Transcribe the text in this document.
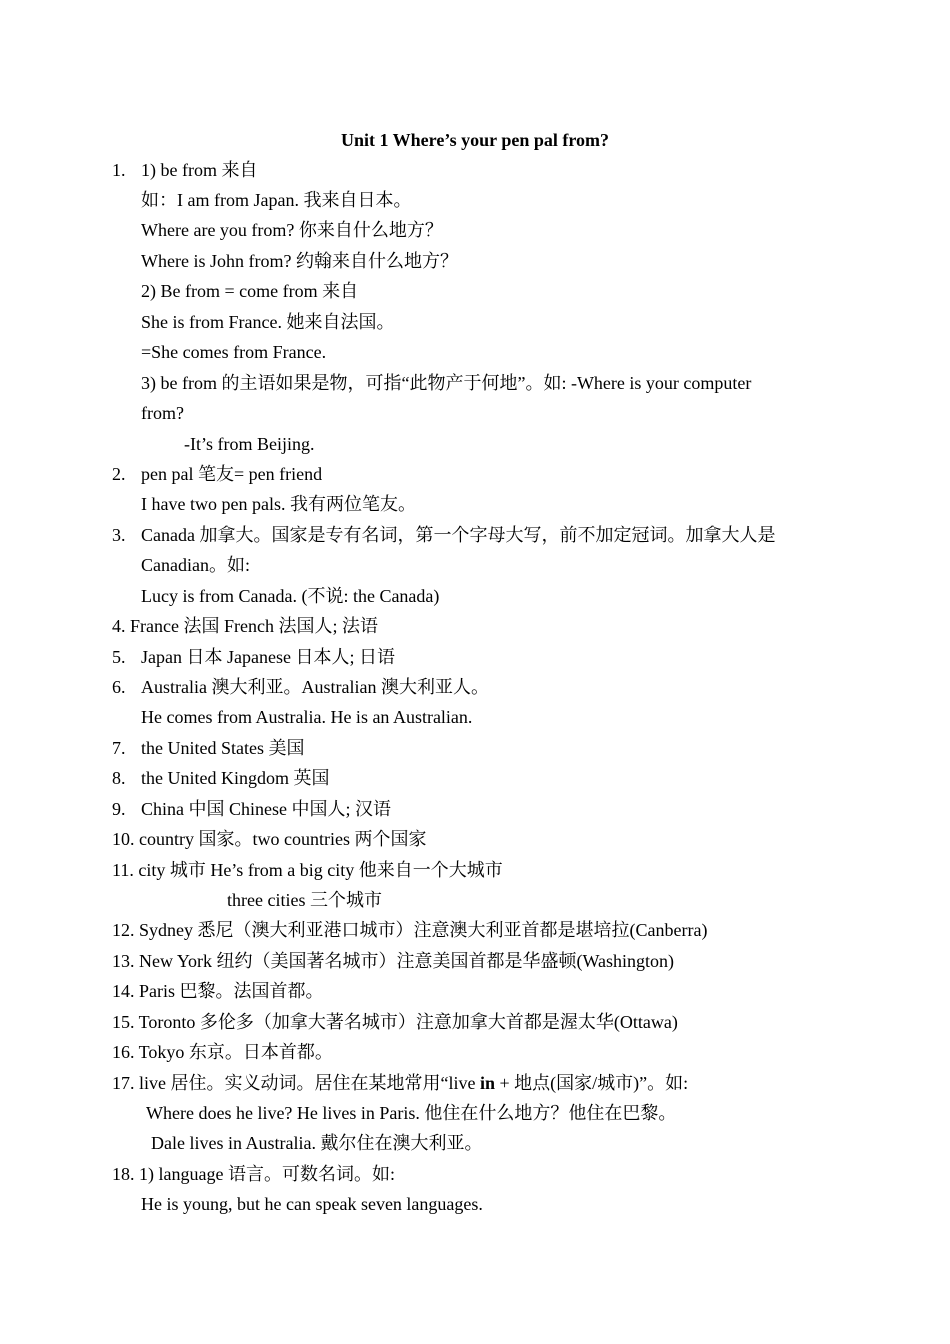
Unit 1 Where’s your pen pal from?
1. 1) be from 来自
如：I am from Japan. 我来自日本。
Where are you from? 你来自什么地方？
Where is John from? 约翰来自什么地方？
2) Be from = come from 来自
She is from France. 她来自法国。
=She comes from France.
3) be from 的主语如果是物，可指“此物产于何地”。如: -Where is your computer
from?
-It’s from Beijing.
2. pen pal 笔友= pen friend
I have two pen pals. 我有两位笔友。
3. Canada 加拿大。国家是专有名词，第一个字母大写，前不加定冠词。加拿大人是
Canadian。如:
Lucy is from Canada. (不说: the Canada)
4. France 法国 French 法国人; 法语
5. Japan 日本 Japanese 日本人; 日语
6. Australia 澳大利亚。Australian 澳大利亚人。
He comes from Australia. He is an Australian.
7. the United States 美国
8. the United Kingdom 英国
9. China 中国 Chinese 中国人; 汉语
10. country 国家。two countries 两个国家
11. city 城市 He’s from a big city 他来自一个大城市
three cities 三个城市
12. Sydney 悉尼（澳大利亚港口城市）注意澳大利亚首都是堪培拉(Canberra)
13. New York 纽约（美国著名城市）注意美国首都是华盛顿(Washington)
14. Paris 巴黎。法国首都。
15. Toronto 多伦多（加拿大著名城市）注意加拿大首都是渥太华(Ottawa)
16. Tokyo 东京。日本首都。
17. live 居住。实义动词。居住在某地常用“live in + 地点(国家/城市)”。如:
Where does he live? He lives in Paris. 他住在什么地方？他住在巴黎。
Dale lives in Australia. 戴尔住在澳大利亚。
18. 1) language 语言。可数名词。如:
He is young, but he can speak seven languages.
